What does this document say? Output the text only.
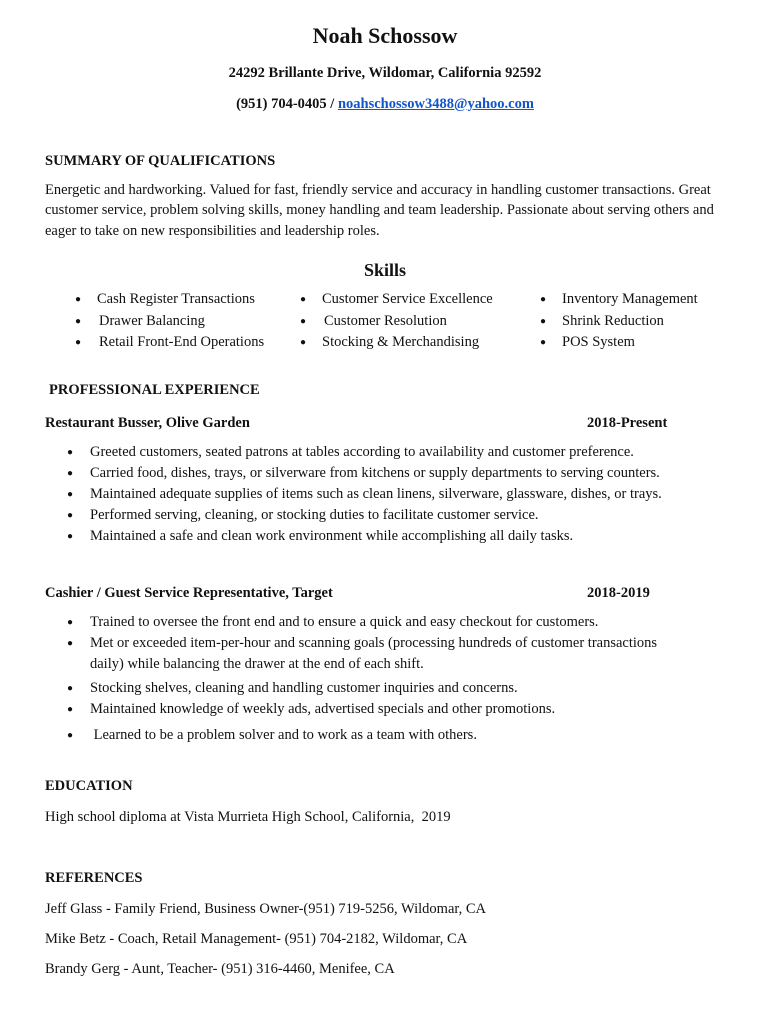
Noah Schossow
24292 Brillante Drive, Wildomar, California 92592
(951) 704-0405 / noahschossow3488@yahoo.com
SUMMARY OF QUALIFICATIONS

Energetic and hardworking. Valued for fast, friendly service and accuracy in handling customer transactions. Great customer service, problem solving skills, money handling and team leadership. Passionate about serving others and eager to take on new responsibilities and leadership roles.

Skills
● Cash Register Transactions
● Drawer Balancing
● Retail Front-End Operations
● Customer Service Excellence
● Customer Resolution
● Stocking & Merchandising
● Inventory Management
● Shrink Reduction
● POS System
PROFESSIONAL EXPERIENCE
Restaurant Busser, Olive Garden	2018-Present
● Greeted customers, seated patrons at tables according to availability and customer preference.
● Carried food, dishes, trays, or silverware from kitchens or supply departments to serving counters.
● Maintained adequate supplies of items such as clean linens, silverware, glassware, dishes, or trays.
● Performed serving, cleaning, or stocking duties to facilitate customer service.
● Maintained a safe and clean work environment while accomplishing all daily tasks.
Cashier / Guest Service Representative, Target	2018-2019
● Trained to oversee the front end and to ensure a quick and easy checkout for customers.
● Met or exceeded item-per-hour and scanning goals (processing hundreds of customer transactions daily) while balancing the drawer at the end of each shift.
● Stocking shelves, cleaning and handling customer inquiries and concerns.
● Maintained knowledge of weekly ads, advertised specials and other promotions.
●  Learned to be a problem solver and to work as a team with others.
EDUCATION
High school diploma at Vista Murrieta High School, California,  2019
REFERENCES

Jeff Glass - Family Friend, Business Owner-(951) 719-5256, Wildomar, CA

Mike Betz - Coach, Retail Management- (951) 704-2182, Wildomar, CA

Brandy Gerg - Aunt, Teacher- (951) 316-4460, Menifee, CA
